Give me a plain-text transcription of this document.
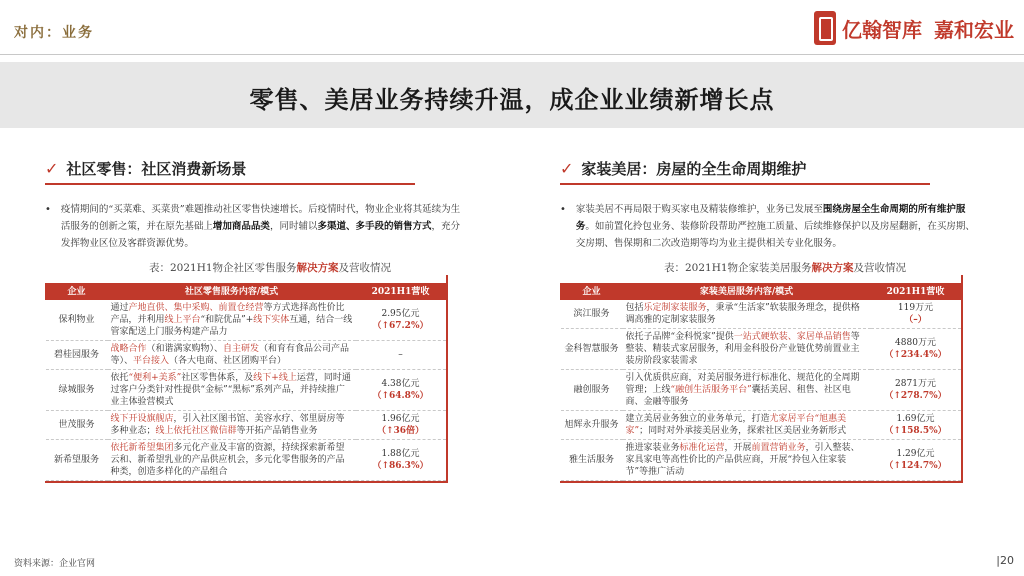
对内：业务	亿翰智库 嘉和宏业
零售、美居业务持续升温，成企业业绩新增长点
✓ 社区零售：社区消费新场景
• 疫情期间的“买菜难、买菜贵”难题推动社区零售快速增长。后疫情时代，物业企业将其延续为生活服务的创新之策，并在原先基础上增加商品品类，同时辅以多渠道、多手段的销售方式，充分发挥物业区位及客群资源优势。

表：2021H1物企社区零售服务解决方案及营收情况
企业	社区零售服务内容/模式	2021H1营收
保利物业	通过产地直供、集中采购、前置仓经营等方式选择高性价比产品，并利用线上平台“和院优品”+线下实体互通，结合一线管家配送上门服务构建产品力	2.95亿元
（↑67.2%）

碧桂园服务	战略合作（和谐满家购物）、自主研发（和育有食品公司产品等）、平台接入（各大电商、社区团购平台）	–

绿城服务	依托“便利+美系”社区零售体系，及线下+线上运营，同时通过客户分类针对性提供“金标”“黑标”系列产品，并持续推广业主体验营模式	4.38亿元
（↑64.8%）

世茂服务	线下开设旗舰店，引入社区图书馆、美容水疗、邻里厨房等多种业态；线上依托社区微信群等开拓产品销售业务	1.96亿元
（↑36倍）

新希望服务	依托新希望集团多元化产业及丰富的资源，持续探索新希望云和、新希望乳业的产品供应机会，多元化零售服务的产品种类，创造多样化的产品组合	1.88亿元
（↑86.3%）
✓ 家装美居：房屋的全生命周期维护
• 家装美居不再局限于购买家电及精装修维护，业务已发展至围绕房屋全生命周期的所有维护服务。如前置化拎包业务、装修阶段帮助严控施工质量、后续维修保护以及房屋翻新，在买房期、交房期、售保期和二次改造期等均为业主提供相关专业化服务。

表：2021H1物企家装美居服务解决方案及营收情况
企业	家装美居服务内容/模式	2021H1营收
滨江服务	包括乐定制家装服务，秉承“生活家”软装服务理念，提供格调高雅的定制家装服务	119万元
（–）

金科智慧服务	依托子品牌“金科悦家”提供一站式硬软装、家居单品销售等整装、精装式家居服务，利用金科股份产业链优势前置业主装房阶段家装需求	4880万元
（↑234.4%）

融创服务	引入优质供应商，对美居服务进行标准化、规范化的全周期管理；上线“融创生活服务平台”囊括美居、租售、社区电商、金融等服务	2871万元
（↑278.7%）

旭辉永升服务	建立美居业务独立的业务单元，打造尤家居平台“旭惠美家”；同时对外承接美居业务，探索社区美居业务新形式	1.69亿元
（↑158.5%）

雅生活服务	推进家装业务标准化运营，开展前置营销业务，引入整装、家具家电等高性价比的产品供应商，开展“拎包入住家装节”等推广活动	1.29亿元
（↑124.7%）
资料来源：企业官网	|20
